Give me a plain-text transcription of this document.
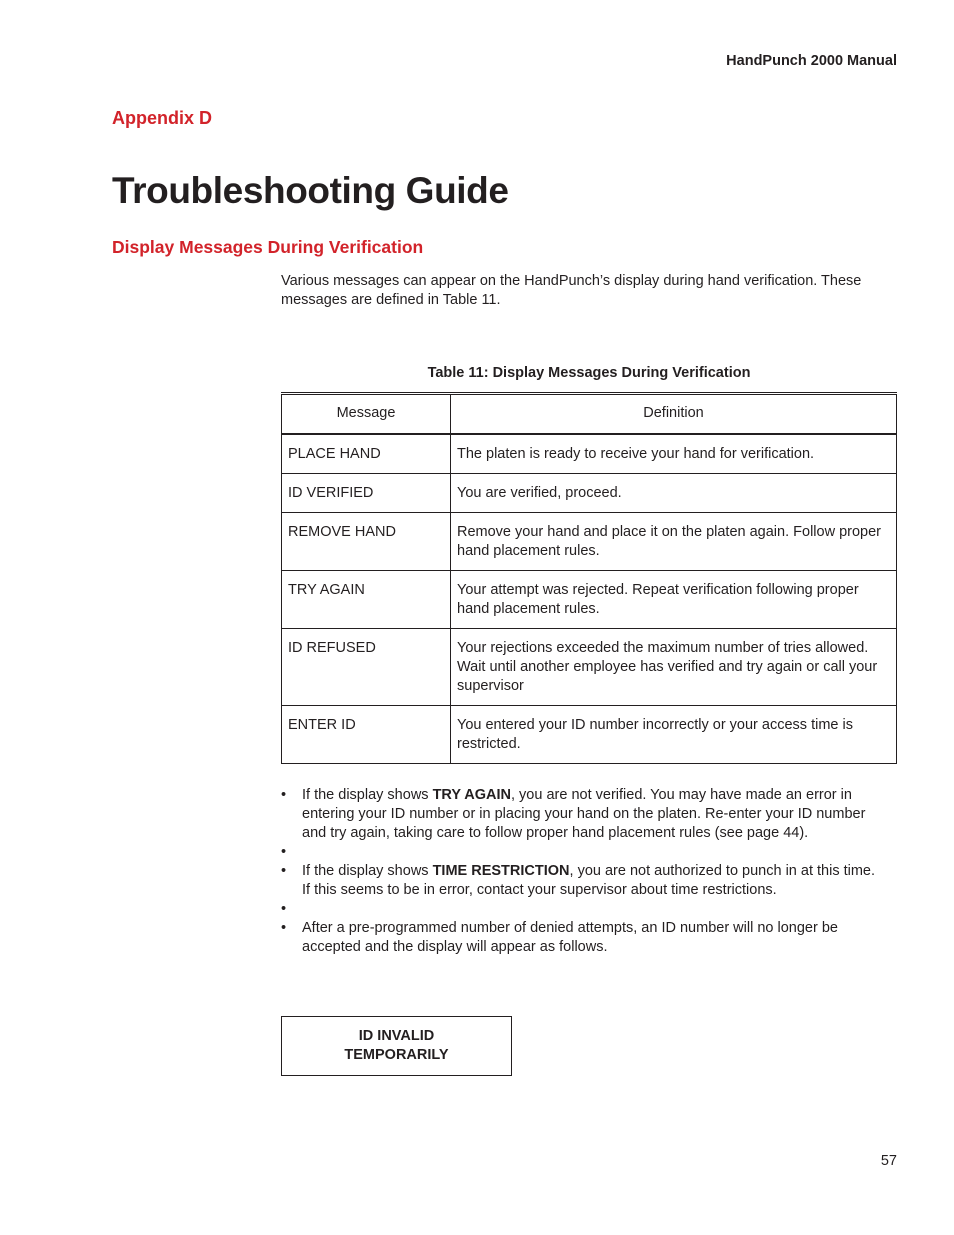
HandPunch 2000 Manual
Appendix D
Troubleshooting Guide
Display Messages During Verification
Various messages can appear on the HandPunch’s display during hand verification. These messages are defined in Table 11.
Table 11: Display Messages During Verification
Message	Definition
PLACE HAND	The platen is ready to receive your hand for verification.
ID VERIFIED	You are verified, proceed.
REMOVE HAND	Remove your hand and place it on the platen again. Follow proper hand placement rules.
TRY AGAIN	Your attempt was rejected. Repeat verification following proper hand placement rules.
ID REFUSED	Your rejections exceeded the maximum number of tries allowed. Wait until another employee has verified and try again or call your supervisor
ENTER ID	You entered your ID number incorrectly or your access time is restricted.
•	If the display shows TRY AGAIN, you are not verified. You may have made an error in entering your ID number or in placing your hand on the platen. Re-enter your ID number and try again, taking care to follow proper hand placement rules (see page 44).
•

•	If the display shows TIME RESTRICTION, you are not authorized to punch in at this time. If this seems to be in error, contact your supervisor about time restrictions.
•

•	After a pre-programmed number of denied attempts, an ID number will no longer be accepted and the display will appear as follows.
ID INVALID
TEMPORARILY
57
